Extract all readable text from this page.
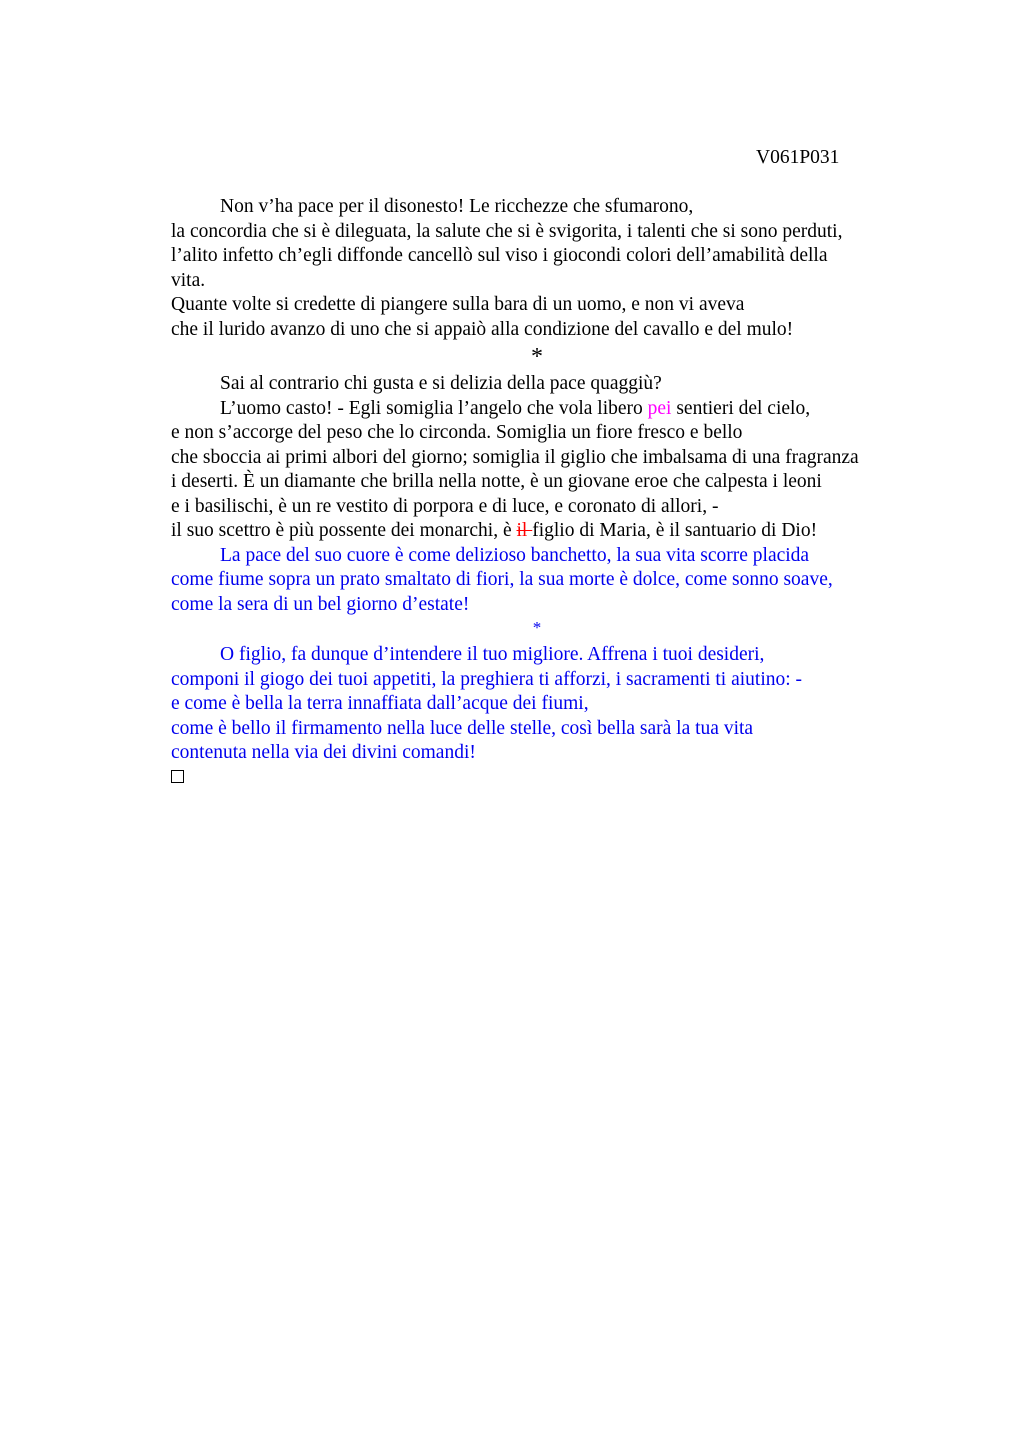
V061P031
Non v’ha pace per il disonesto! Le ricchezze che sfumarono,
la concordia che si è dileguata, la salute che si è svigorita, i talenti che si sono perduti,
l’alito infetto ch’egli diffonde cancellò sul viso i giocondi colori dell’amabilità della
vita.
Quante volte si credette di piangere sulla bara di un uomo, e non vi aveva
che il lurido avanzo di uno che si appaiò alla condizione del cavallo e del mulo!
*
Sai al contrario chi gusta e si delizia della pace quaggiù?
L’uomo casto! - Egli somiglia l’angelo che vola libero pei sentieri del cielo,
e non s’accorge del peso che lo circonda. Somiglia un fiore fresco e bello
che sboccia ai primi albori del giorno; somiglia il giglio che imbalsama di una fragranza
i deserti. È un diamante che brilla nella notte, è un giovane eroe che calpesta i leoni
e i basilischi, è un re vestito di porpora e di luce, e coronato di allori, -
il suo scettro è più possente dei monarchi, è il figlio di Maria, è il santuario di Dio!
La pace del suo cuore è come delizioso banchetto, la sua vita scorre placida
come fiume sopra un prato smaltato di fiori, la sua morte è dolce, come sonno soave,
come la sera di un bel giorno d’estate!
*
O figlio, fa dunque d’intendere il tuo migliore. Affrena i tuoi desideri,
componi il giogo dei tuoi appetiti, la preghiera ti afforzi, i sacramenti ti aiutino: -
e come è bella la terra innaffiata dall’acque dei fiumi,
come è bello il firmamento nella luce delle stelle, così bella sarà la tua vita
contenuta nella via dei divini comandi!
